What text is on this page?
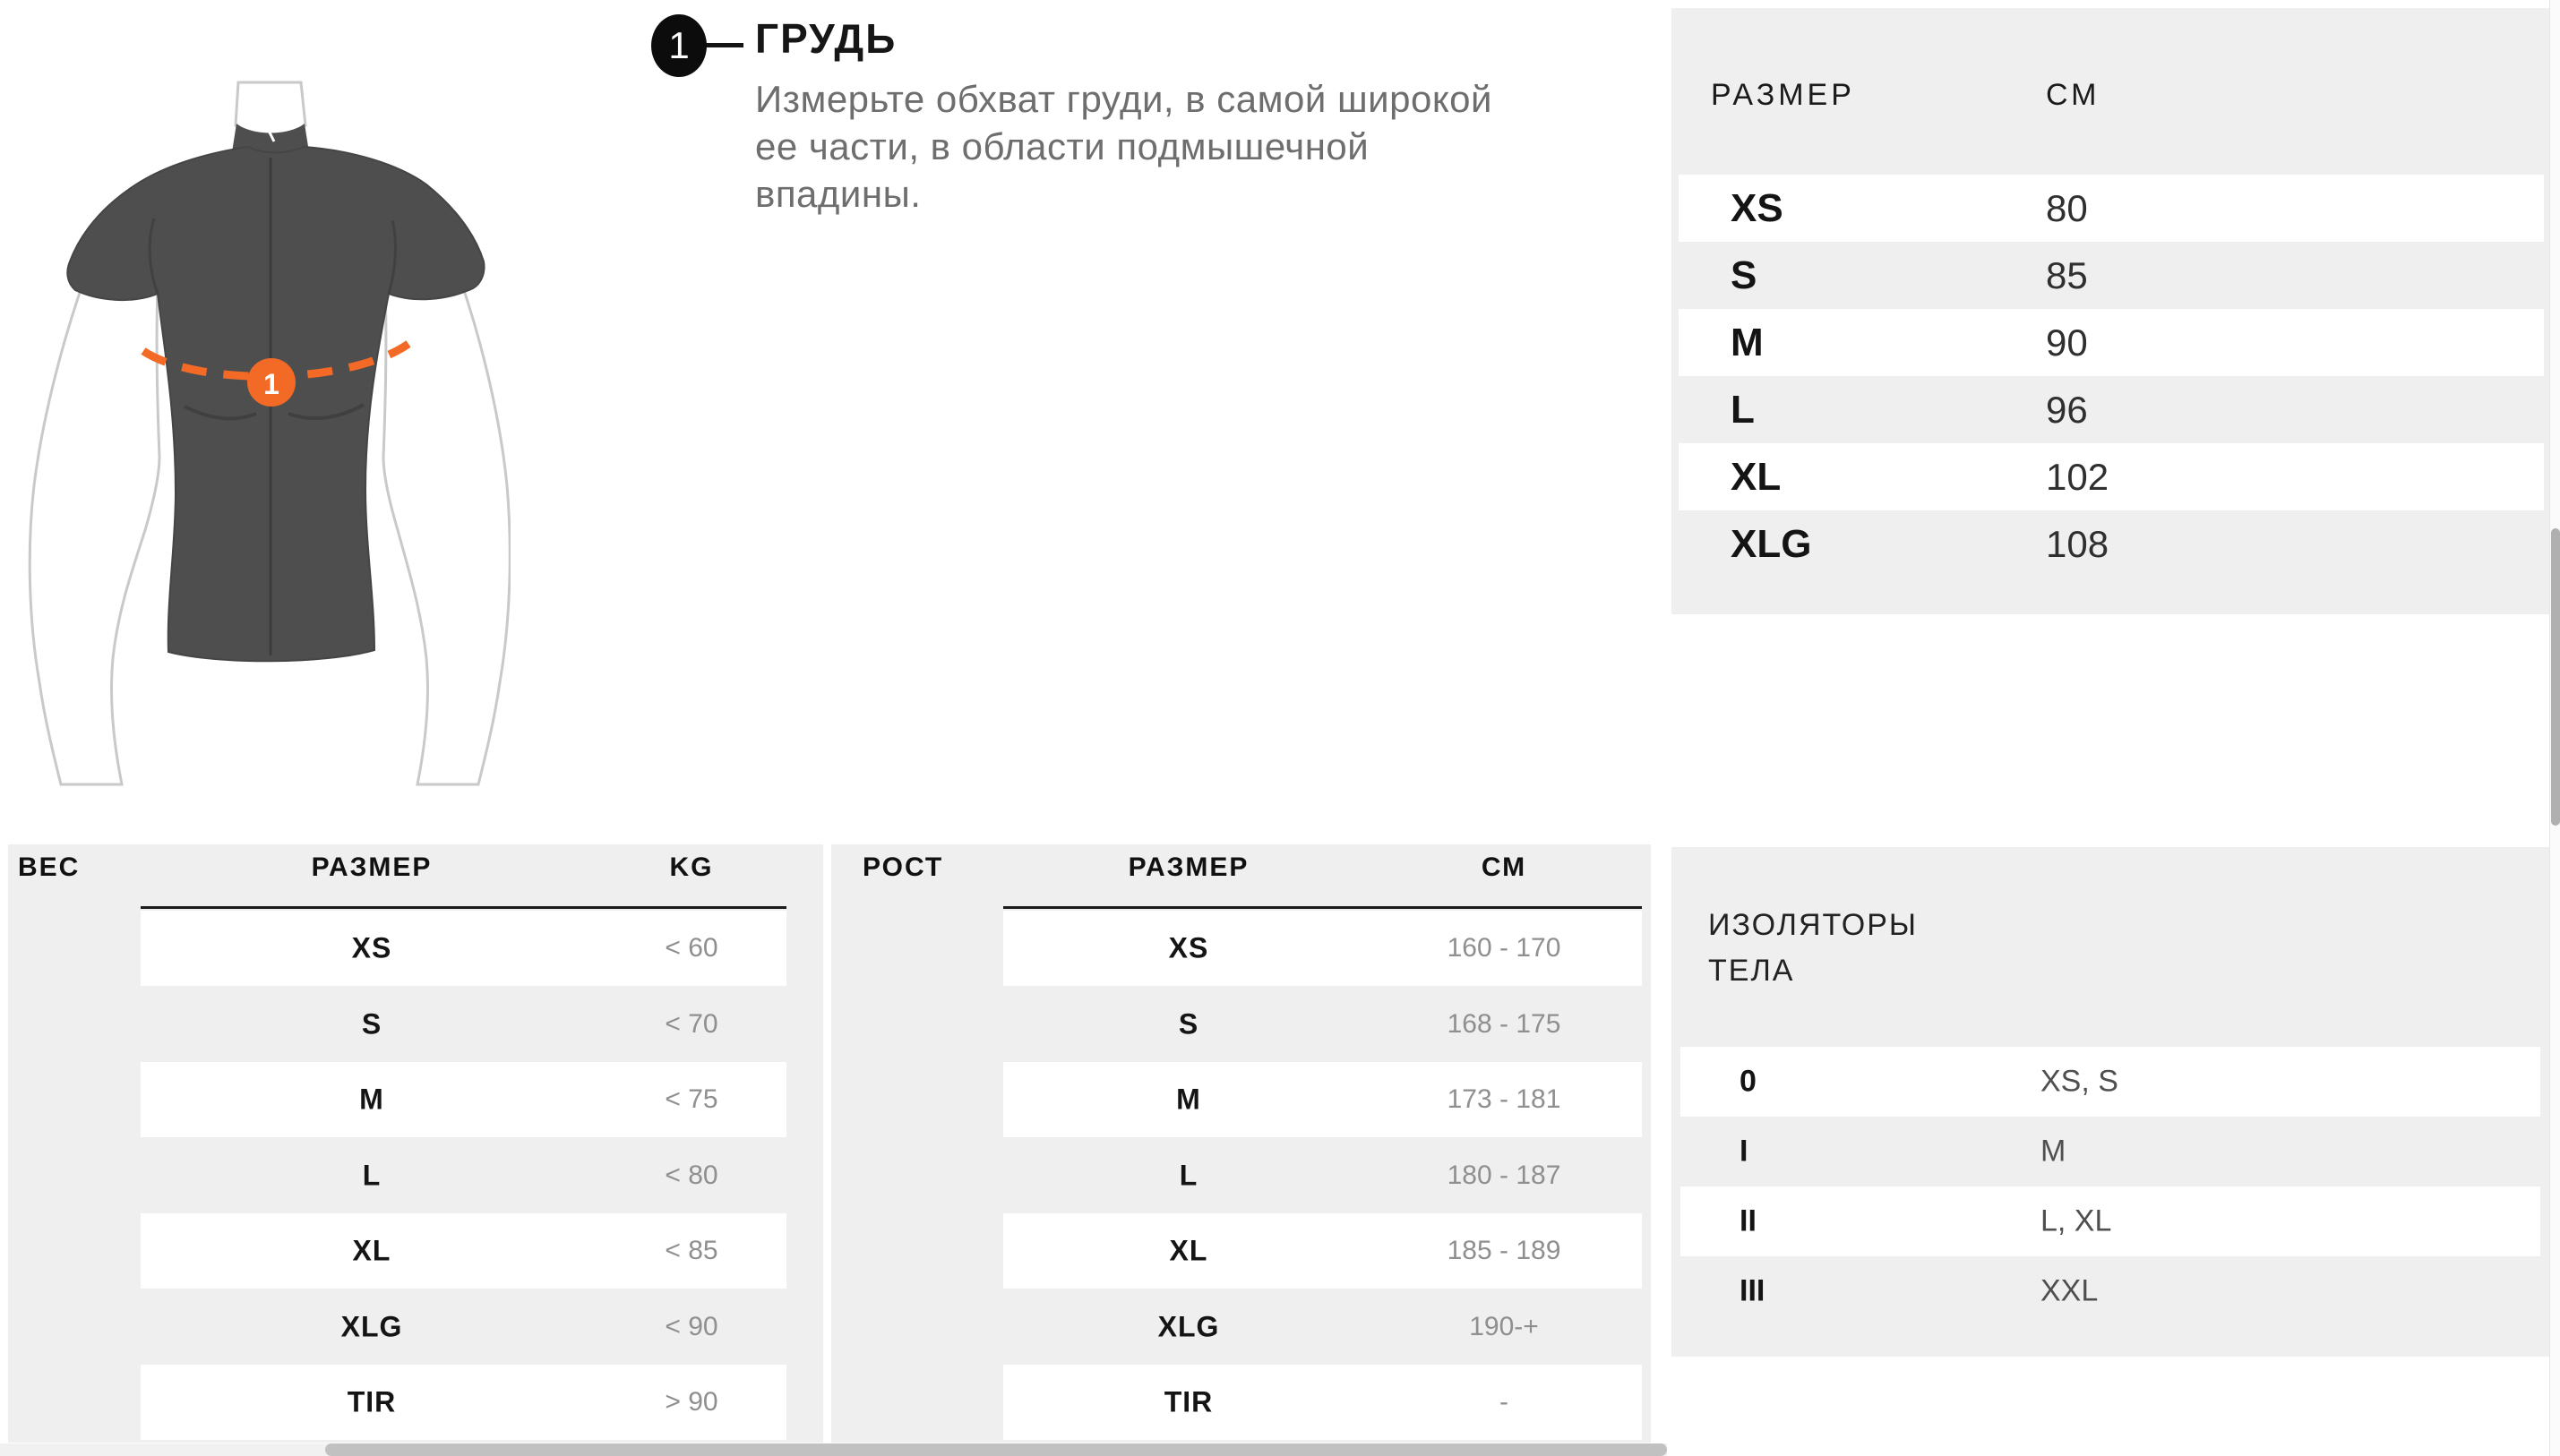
1
1 ГРУДЬ
Измерьте обхват груди, в самой широкой
ее части, в области подмышечной
впадины.
РАЗМЕР	СМ
XS	80
S	85
M	90
L	96
XL	102
XLG	108
ВЕС	РАЗМЕР	KG
XS	< 60
S	< 70
M	< 75
L	< 80
XL	< 85
XLG	< 90
TIR	> 90
РОСТ	РАЗМЕР	СМ
XS	160 - 170
S	168 - 175
M	173 - 181
L	180 - 187
XL	185 - 189
XLG	190-+
TIR	-
ИЗОЛЯТОРЫ
ТЕЛА
0	XS, S
I	M
II	L, XL
III	XXL
